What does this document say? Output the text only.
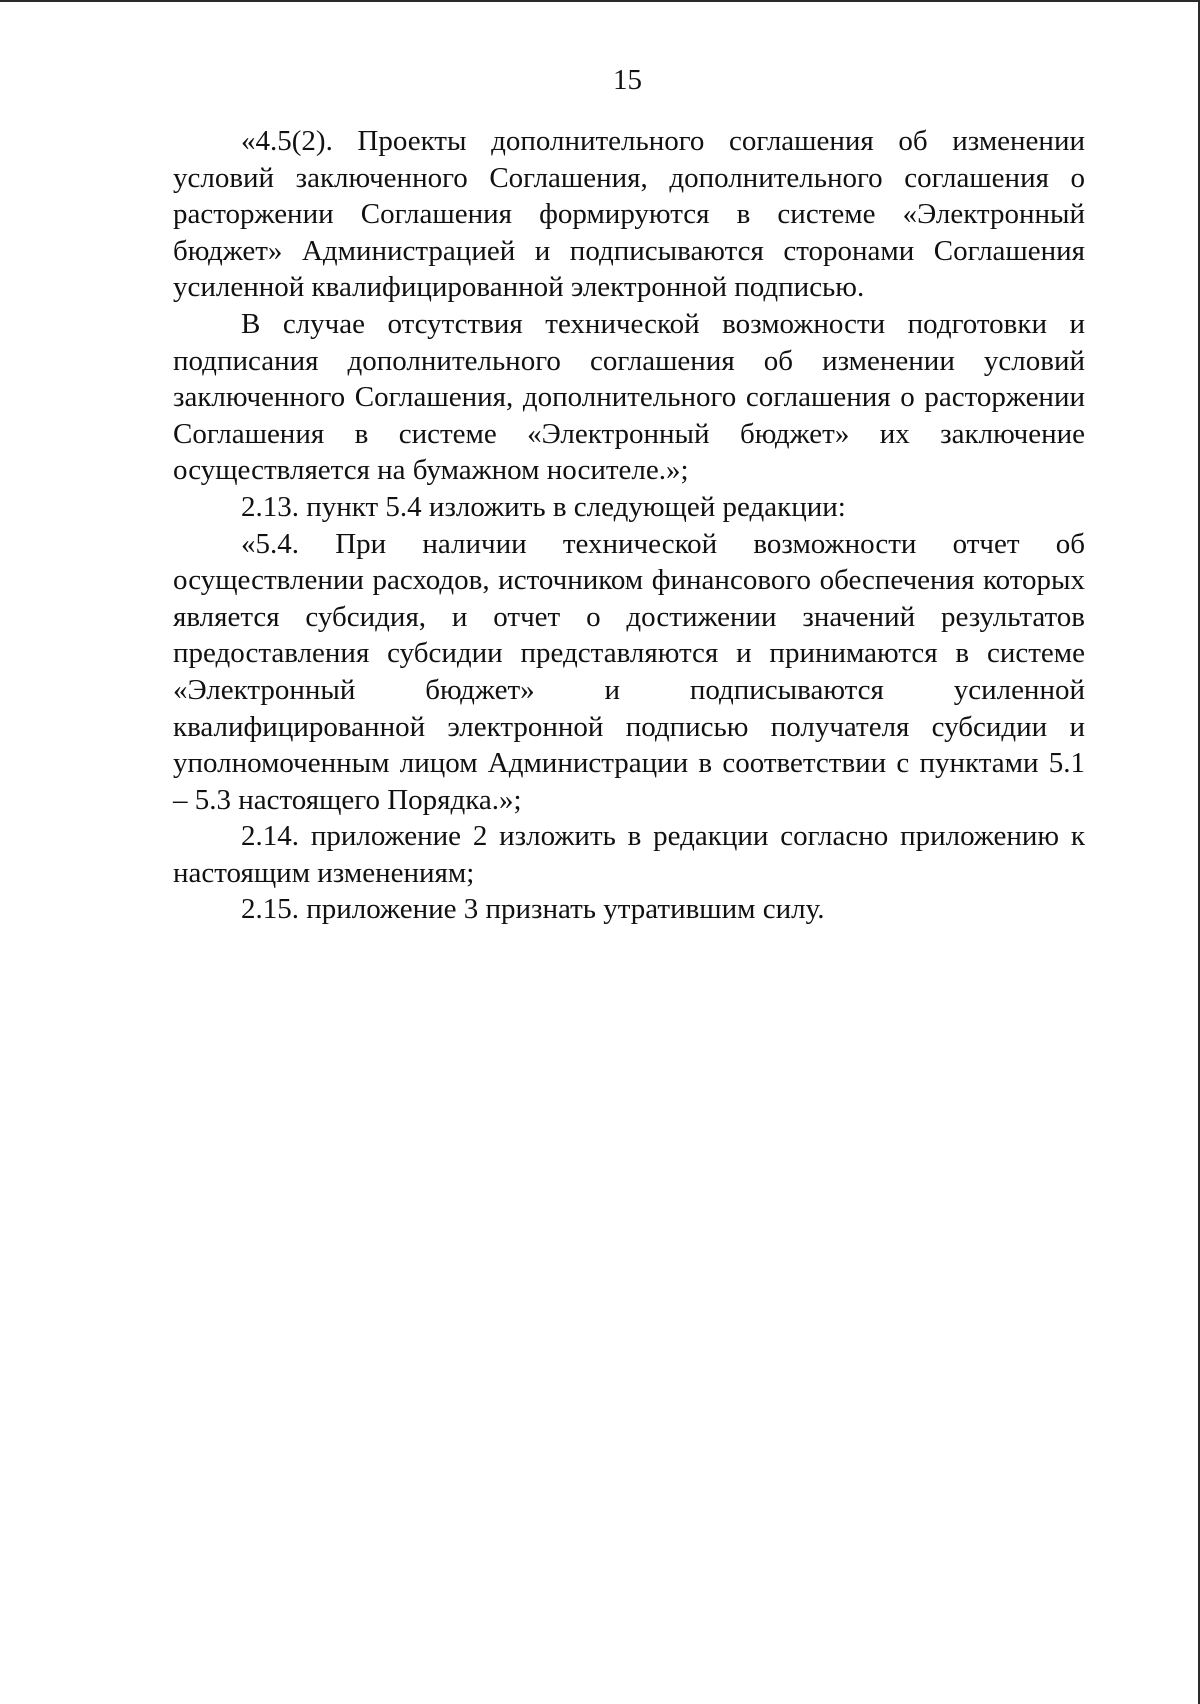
15

«4.5(2). Проекты дополнительного соглашения об изменении условий заключенного Соглашения, дополнительного соглашения о расторжении Соглашения формируются в системе «Электронный бюджет» Администрацией и подписываются сторонами Соглашения усиленной квалифицированной электронной подписью.

В случае отсутствия технической возможности подготовки и подписания дополнительного соглашения об изменении условий заключенного Соглашения, дополнительного соглашения о расторжении Соглашения в системе «Электронный бюджет» их заключение осуществляется на бумажном носителе.»;

2.13. пункт 5.4 изложить в следующей редакции:

«5.4. При наличии технической возможности отчет об осуществлении расходов, источником финансового обеспечения которых является субсидия, и отчет о достижении значений результатов предоставления субсидии представляются и принимаются в системе «Электронный бюджет» и подписываются усиленной квалифицированной электронной подписью получателя субсидии и уполномоченным лицом Администрации в соответствии с пунктами 5.1 – 5.3 настоящего Порядка.»;

2.14. приложение 2 изложить в редакции согласно приложению к настоящим изменениям;

2.15. приложение 3 признать утратившим силу.
